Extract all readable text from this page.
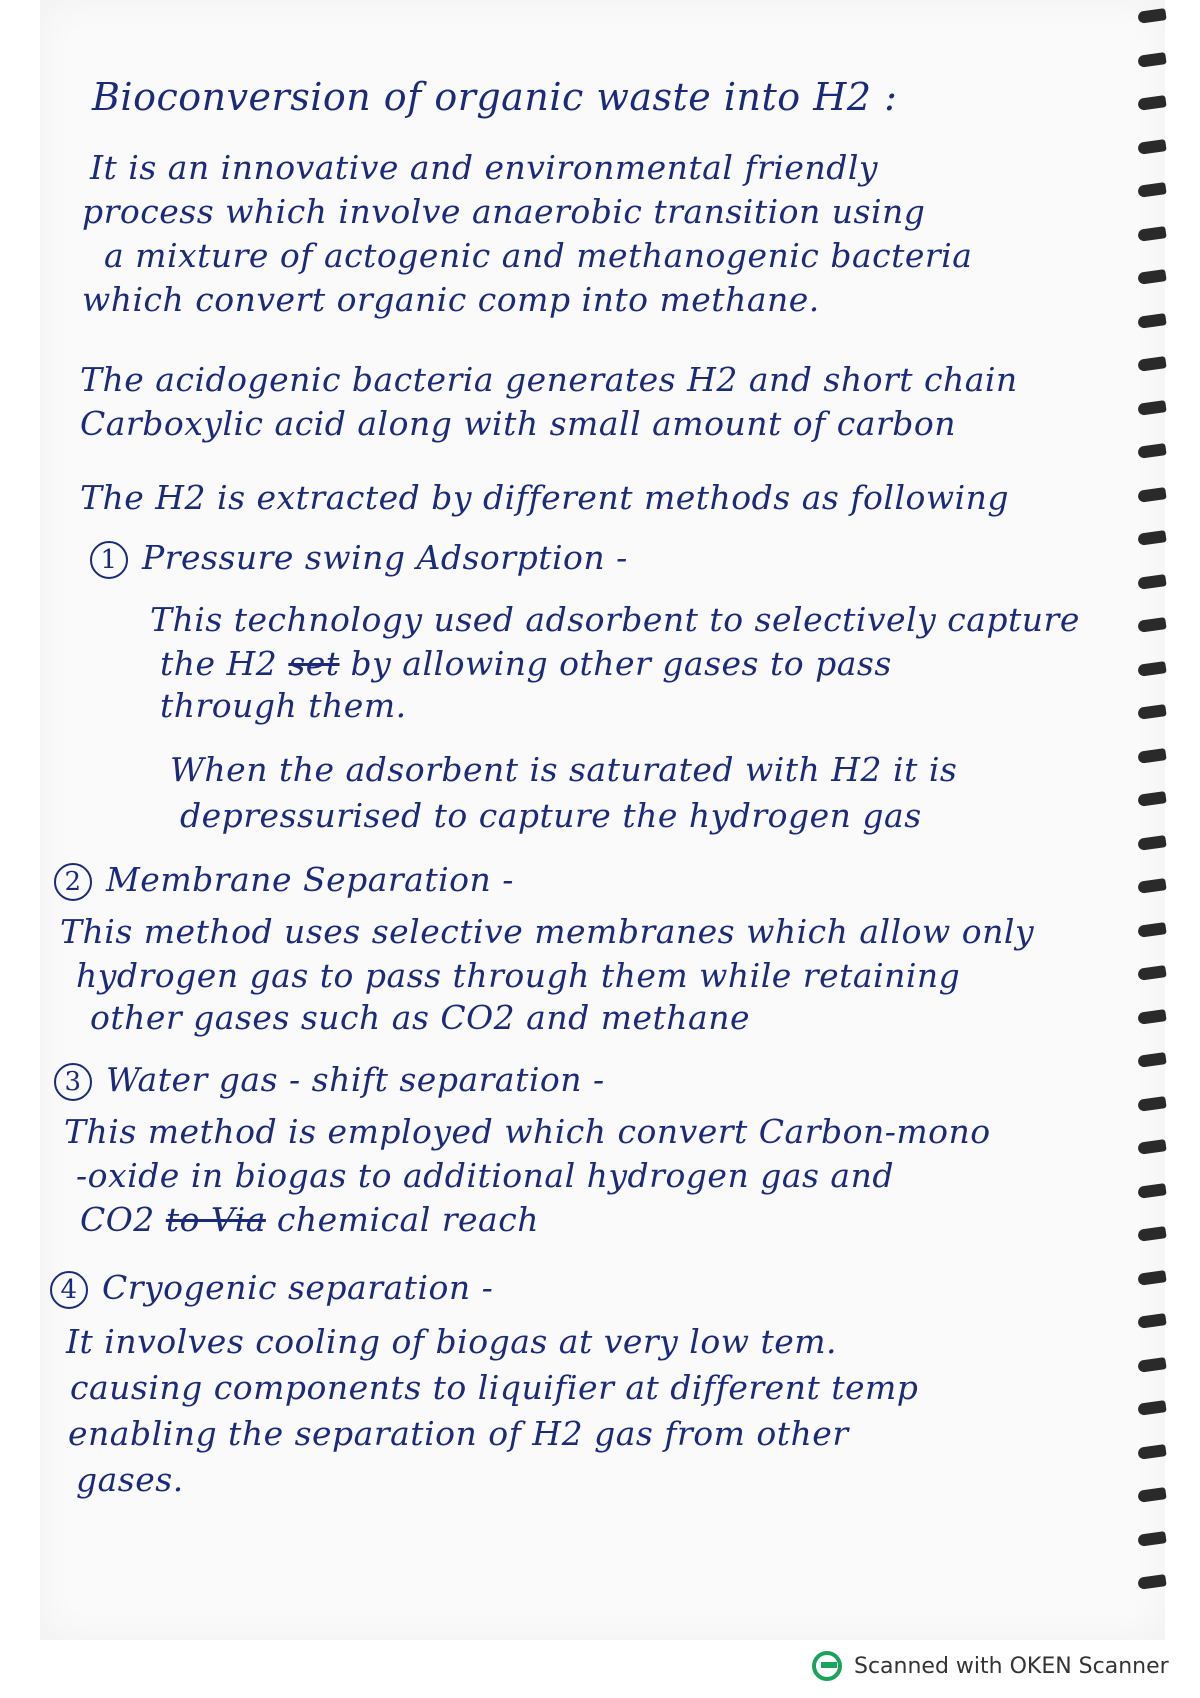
Bioconversion of organic waste into H2 :
It is an innovative and environmental friendly
process which involve anaerobic transition using
a mixture of actogenic and methanogenic bacteria
which convert organic comp into methane.
The acidogenic bacteria generates H2 and short chain
Carboxylic acid along with small amount of carbon
The H2 is extracted by different methods as following
1 Pressure swing Adsorption -
This technology used adsorbent to selectively capture
the H2 set by allowing other gases to pass
through them.
When the adsorbent is saturated with H2 it is
depressurised to capture the hydrogen gas
2 Membrane Separation -
This method uses selective membranes which allow only
hydrogen gas to pass through them while retaining
other gases such as CO2 and methane
3 Water gas - shift separation -
This method is employed which convert Carbon-mono
-oxide in biogas to additional hydrogen gas and
CO2 to Via chemical reach
4 Cryogenic separation -
It involves cooling of biogas at very low tem.
causing components to liquifier at different temp
enabling the separation of H2 gas from other
gases.
Scanned with OKEN Scanner
